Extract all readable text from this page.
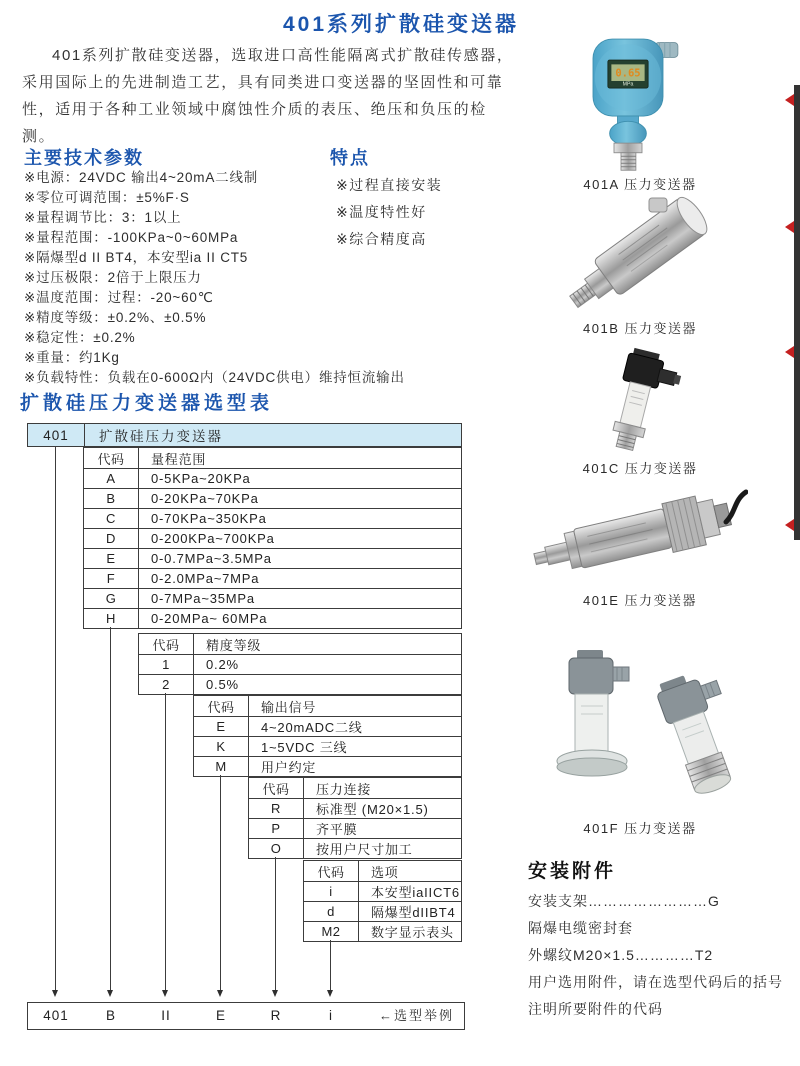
401系列扩散硅变送器

401系列扩散硅变送器，选取进口高性能隔离式扩散硅传感器，采用国际上的先进制造工艺，具有同类进口变送器的坚固性和可靠性，适用于各种工业领域中腐蚀性介质的表压、绝压和负压的检测。

主要技术参数	特点
※电源：24VDC 输出4~20mA二线制
※零位可调范围：±5%F·S
※量程调节比：3：1以上
※量程范围：-100KPa~0~60MPa
※隔爆型d II BT4，本安型ia II CT5
※过压极限：2倍于上限压力
※温度范围：过程：-20~60℃
※精度等级：±0.2%、±0.5%
※稳定性：±0.2%
※重量：约1Kg
※负载特性：负载在0-600Ω内（24VDC供电）维持恒流输出
※过程直接安装
※温度特性好
※综合精度高
扩散硅压力变送器选型表
401	扩散硅压力变送器
代码	量程范围
A	0-5KPa~20KPa
B	0-20KPa~70KPa
C	0-70KPa~350KPa
D	0-200KPa~700KPa
E	0-0.7MPa~3.5MPa
F	0-2.0MPa~7MPa
G	0-7MPa~35MPa
H	0-20MPa~ 60MPa
代码	精度等级
1	0.2%
2	0.5%
代码	输出信号
E	4~20mADC二线
K	1~5VDC 三线
M	用户约定
代码	压力连接
R	标准型 (M20×1.5)
P	齐平膜
O	按用户尺寸加工
代码	选项
i	本安型iaIICT6
d	隔爆型dIIBT4
M2	数字显示表头
401	B	II	E	R	i	←选型举例
0.65
MPa
401A 压力变送器
401B 压力变送器
401C 压力变送器
401E 压力变送器
401F 压力变送器
安装附件
安装支架……………………G
隔爆电缆密封套
外螺纹M20×1.5…………T2
用户选用附件，请在选型代码后的括号
注明所要附件的代码
